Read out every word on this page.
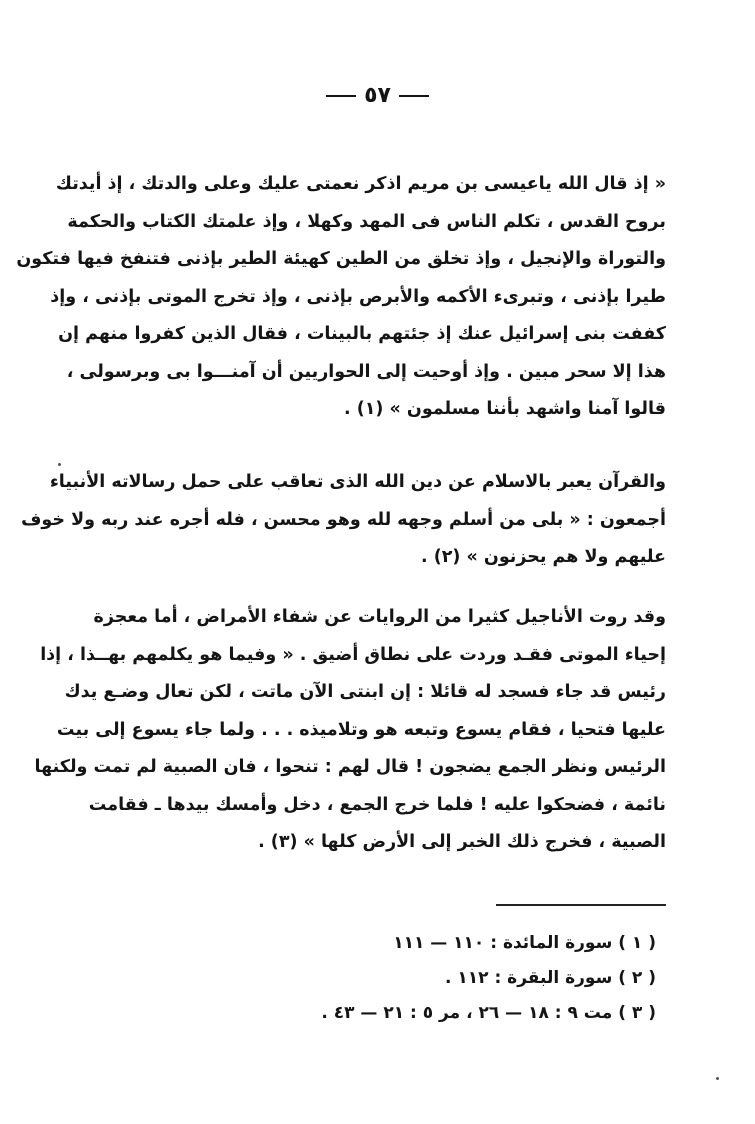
٥٧
« إذ قال الله ياعيسى بن مريم اذكر نعمتى عليك وعلى والدتك ، إذ أيدتك
بروح القدس ، تكلم الناس فى المهد وكهلا ، وإذ علمتك الكتاب والحكمة
والتوراة والإنجيل ، وإذ تخلق من الطين كهيئة الطير بإذنى فتنفخ فيها فتكون
طيرا بإذنى ، وتبرىء الأكمه والأبرص بإذنى ، وإذ تخرج الموتى بإذنى ، وإذ
كففت بنى إسرائيل عنك إذ جئتهم بالبينات ، فقال الذين كفروا منهم إن
هذا إلا سحر مبين . وإذ أوحيت إلى الحواريين أن آمنـــوا بى وبرسولى ،
قالوا آمنا واشهد بأننا مسلمون » (١) .
والقرآن يعبر بالاسلام عن دين الله الذى تعاقب على حمل رسالاته الأنبياء
أجمعون : « بلى من أسلم وجهه لله وهو محسن ، فله أجره عند ربه ولا خوف
عليهم ولا هم يحزنون » (٢) .
وقد روت الأناجيل كثيرا من الروايات عن شفاء الأمراض ، أما معجزة
إحياء الموتى فقـد وردت على نطاق أضيق . « وفيما هو يكلمهم بهــذا ، إذا
رئيس قد جاء فسجد له قائلا : إن ابنتى الآن ماتت ، لكن تعال وضـع يدك
عليها فتحيا ، فقام يسوع وتبعه هو وتلاميذه . . . ولما جاء يسوع إلى بيت
الرئيس ونظر الجمع يضجون ! قال لهم : تنحوا ، فان الصبية لم تمت ولكنها
نائمة ، فضحكوا عليه ! فلما خرج الجمع ، دخل وأمسك بيدها ـ فقامت
الصبية ، فخرج ذلك الخبر إلى الأرض كلها » (٣) .
( ١ ) سورة المائدة : ١١٠ — ١١١
( ٢ ) سورة البقرة : ١١٢ .
( ٣ ) مت ٩ : ١٨ — ٢٦ ، مر ٥ : ٢١ — ٤٣ .
